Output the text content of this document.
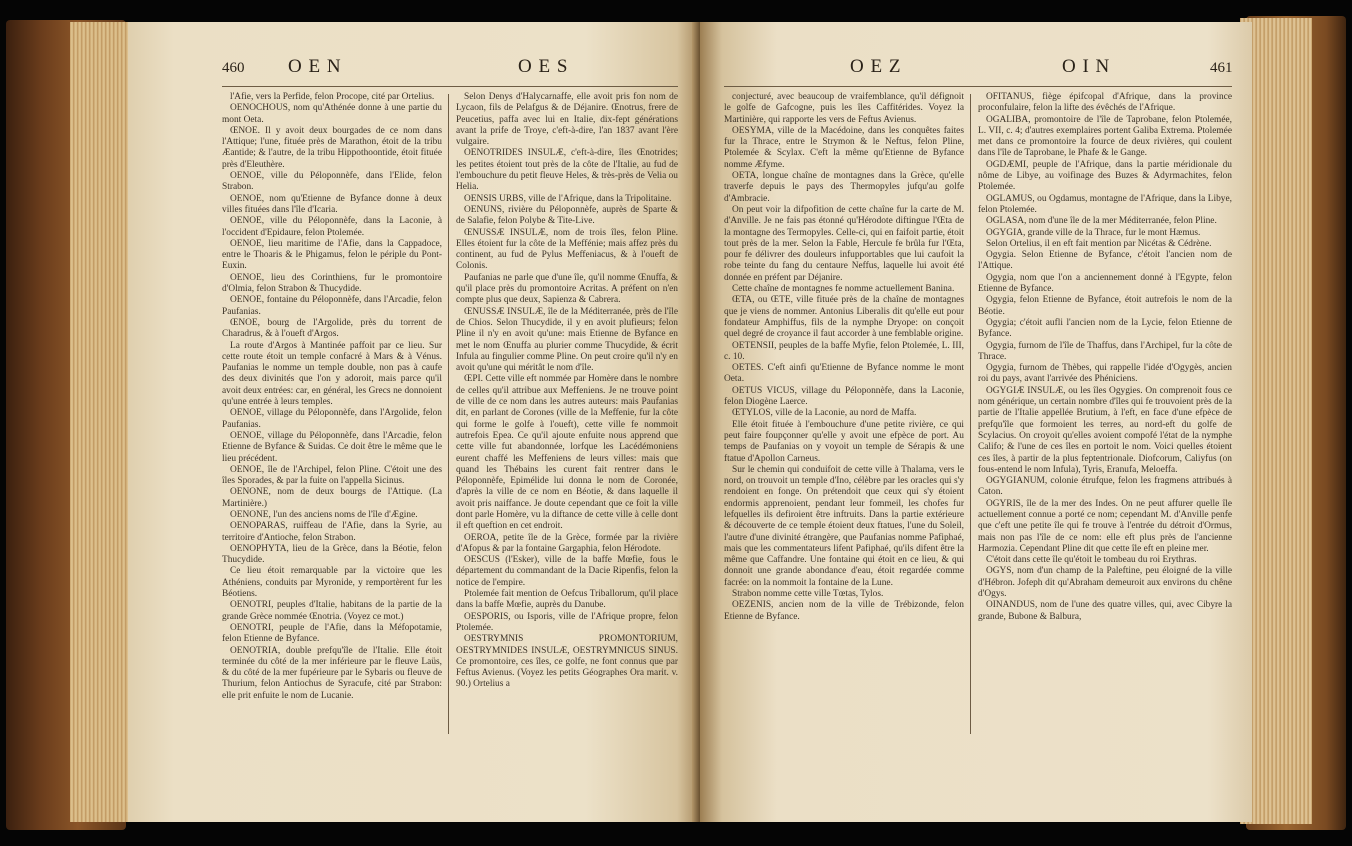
460 O E N	O E S

l'Afie, vers la Perfide, felon Procope, cité par Ortelius.

OENOCHOUS, nom qu'Athénée donne à une partie du mont Oeta.

ŒNOE. Il y avoit deux bourgades de ce nom dans l'Attique; l'une, fituée près de Marathon, étoit de la tribu Æantide; & l'autre, de la tribu Hippothoontide, étoit fituée près d'Eleuthère.

OENOE, ville du Péloponnèfe, dans l'Elide, felon Strabon.

OENOE, nom qu'Etienne de Byfance donne à deux villes fituées dans l'île d'Icaria.

OENOE, ville du Péloponnèfe, dans la Laconie, à l'occident d'Epidaure, felon Ptolemée.

OENOE, lieu maritime de l'Afie, dans la Cappadoce, entre le Thoaris & le Phigamus, felon le périple du Pont-Euxin.

OENOE, lieu des Corinthiens, fur le promontoire d'Olmia, felon Strabon & Thucydide.

OENOE, fontaine du Péloponnèfe, dans l'Arcadie, felon Paufanias.

ŒNOE, bourg de l'Argolide, près du torrent de Charadrus, & à l'oueft d'Argos.

La route d'Argos à Mantinée paffoit par ce lieu. Sur cette route étoit un temple confacré à Mars & à Vénus. Paufanias le nomme un temple double, non pas à caufe des deux divinités que l'on y adoroit, mais parce qu'il avoit deux entrées: car, en général, les Grecs ne donnoient qu'une entrée à leurs temples.

OENOE, village du Péloponnèfe, dans l'Argolide, felon Paufanias.

OENOE, village du Péloponnèfe, dans l'Arcadie, felon Etienne de Byfance & Suidas. Ce doit être le même que le lieu précédent.

OENOE, île de l'Archipel, felon Pline. C'étoit une des îles Sporades, & par la fuite on l'appella Sicinus.

OENONE, nom de deux bourgs de l'Attique. (La Martinière.)

OENONE, l'un des anciens noms de l'île d'Ægine.

OENOPARAS, ruiffeau de l'Afie, dans la Syrie, au territoire d'Antioche, felon Strabon.

OENOPHYTA, lieu de la Grèce, dans la Béotie, felon Thucydide.

Ce lieu étoit remarquable par la victoire que les Athéniens, conduits par Myronide, y remportèrent fur les Béotiens.

OENOTRI, peuples d'Italie, habitans de la partie de la grande Grèce nommée Œnotria. (Voyez ce mot.)

OENOTRI, peuple de l'Afie, dans la Méfopotamie, felon Etienne de Byfance.

OENOTRIA, double prefqu'île de l'Italie. Elle étoit terminée du côté de la mer inférieure par le fleuve Laüs, & du côté de la mer fupérieure par le Sybaris ou fleuve de Thurium, felon Antiochus de Syracufe, cité par Strabon: elle prit enfuite le nom de Lucanie.

Selon Denys d'Halycarnaffe, elle avoit pris fon nom de Lycaon, fils de Pelafgus & de Déjanire. Œnotrus, frere de Peucetius, paffa avec lui en Italie, dix-fept générations avant la prife de Troye, c'eft-à-dire, l'an 1837 avant l'ère vulgaire.

OENOTRIDES INSULÆ, c'eft-à-dire, îles Œnotrides; les petites étoient tout près de la côte de l'Italie, au fud de l'embouchure du petit fleuve Heles, & très-près de Velia ou Helia.

OENSIS URBS, ville de l'Afrique, dans la Tripolitaine.

OENUNS, rivière du Péloponnèfe, auprès de Sparte & de Salafie, felon Polybe & Tite-Live.

ŒNUSSÆ INSULÆ, nom de trois îles, felon Pline. Elles étoient fur la côte de la Meffénie; mais affez près du continent, au fud de Pylus Meffeniacus, & à l'oueft de Colonis.

Paufanias ne parle que d'une île, qu'il nomme Œnuffa, & qu'il place près du promontoire Acritas. A préfent on n'en compte plus que deux, Sapienza & Cabrera.

ŒNUSSÆ INSULÆ, île de la Méditerranée, près de l'île de Chios. Selon Thucydide, il y en avoit plufieurs; felon Pline il n'y en avoit qu'une: mais Etienne de Byfance en met le nom Œnuffa au plurier comme Thucydide, & écrit Infula au fingulier comme Pline. On peut croire qu'il n'y en avoit qu'une qui méritât le nom d'île.

ŒPI. Cette ville eft nommée par Homère dans le nombre de celles qu'il attribue aux Meffeniens. Je ne trouve point de ville de ce nom dans les autres auteurs: mais Paufanias dit, en parlant de Corones (ville de la Meffenie, fur la côte qui forme le golfe à l'oueft), cette ville fe nommoit autrefois Epea. Ce qu'il ajoute enfuite nous apprend que cette ville fut abandonnée, lorfque les Lacédémoniens eurent chaffé les Meffeniens de leurs villes: mais que quand les Thébains les curent fait rentrer dans le Péloponnèfe, Epimélide lui donna le nom de Coronée, d'après la ville de ce nom en Béotie, & dans laquelle il avoit pris naiffance. Je doute cependant que ce foit la ville dont parle Homère, vu la diftance de cette ville à celle dont il eft queftion en cet endroit.

OEROA, petite île de la Grèce, formée par la rivière d'Afopus & par la fontaine Gargaphia, felon Hérodote.

OESCUS (l'Esker), ville de la baffe Mœfie, fous le département du commandant de la Dacie Ripenfis, felon la notice de l'empire.

Ptolemée fait mention de Oefcus Triballorum, qu'il place dans la baffe Mœfie, auprès du Danube.

OESPORIS, ou Isporis, ville de l'Afrique propre, felon Ptolemée.

OESTRYMNIS PROMONTORIUM, OESTRYMNIDES INSULÆ, OESTRYMNICUS SINUS. Ce promontoire, ces îles, ce golfe, ne font connus que par Feftus Avienus. (Voyez les petits Géographes Ora marit. v. 90.) Ortelius a

O E Z	O I N	461

conjecturé, avec beaucoup de vraifemblance, qu'il défignoit le golfe de Gafcogne, puis les îles Caffitérides. Voyez la Martinière, qui rapporte les vers de Feftus Avienus.

OESYMA, ville de la Macédoine, dans les conquêtes faites fur la Thrace, entre le Strymon & le Neftus, felon Pline, Ptolemée & Scylax. C'eft la même qu'Etienne de Byfance nomme Æfyme.

OETA, longue chaîne de montagnes dans la Grèce, qu'elle traverfe depuis le pays des Thermopyles jufqu'au golfe d'Ambracie.

On peut voir la difpofition de cette chaîne fur la carte de M. d'Anville. Je ne fais pas étonné qu'Hérodote diftingue l'Œta de la montagne des Termopyles. Celle-ci, qui en faifoit partie, étoit tout près de la mer. Selon la Fable, Hercule fe brûla fur l'Œta, pour fe délivrer des douleurs infupportables que lui caufoit la robe teinte du fang du centaure Neffus, laquelle lui avoit été donnée en préfent par Déjanire.

Cette chaîne de montagnes fe nomme actuellement Banina.

ŒTA, ou ŒTE, ville fituée près de la chaîne de montagnes que je viens de nommer. Antonius Liberalis dit qu'elle eut pour fondateur Amphiffus, fils de la nymphe Dryope: on conçoit quel degré de croyance il faut accorder à une femblable origine.

OETENSII, peuples de la baffe Myfie, felon Ptolemée, L. III, c. 10.

OETES. C'eft ainfi qu'Etienne de Byfance nomme le mont Oeta.

OETUS VICUS, village du Péloponnèfe, dans la Laconie, felon Diogène Laerce.

ŒTYLOS, ville de la Laconie, au nord de Maffa.

Elle étoit fituée à l'embouchure d'une petite rivière, ce qui peut faire foupçonner qu'elle y avoit une efpèce de port. Au temps de Paufanias on y voyoit un temple de Sérapis & une ftatue d'Apollon Carneus.

Sur le chemin qui conduifoit de cette ville à Thalama, vers le nord, on trouvoit un temple d'Ino, célèbre par les oracles qui s'y rendoient en fonge. On prétendoit que ceux qui s'y étoient endormis apprenoient, pendant leur fommeil, les chofes fur lefquelles ils defiroient être inftruits. Dans la partie extérieure & découverte de ce temple étoient deux ftatues, l'une du Soleil, l'autre d'une divinité étrangère, que Paufanias nomme Pafiphaé, mais que les commentateurs lifent Pafiphaé, qu'ils difent être la même que Caffandre. Une fontaine qui étoit en ce lieu, & qui donnoit une grande abondance d'eau, étoit regardée comme facrée: on la nommoit la fontaine de la Lune.

Strabon nomme cette ville Tœtas, Tylos.

OEZENIS, ancien nom de la ville de Trébizonde, felon Etienne de Byfance.

OFITANUS, fiège épifcopal d'Afrique, dans la province proconfulaire, felon la lifte des évêchés de l'Afrique.

OGALIBA, promontoire de l'île de Taprobane, felon Ptolemée, L. VII, c. 4; d'autres exemplaires portent Galiba Extrema. Ptolemée met dans ce promontoire la fource de deux rivières, qui coulent dans l'île de Taprobane, le Phafe & le Gange.

OGDÆMI, peuple de l'Afrique, dans la partie méridionale du nôme de Libye, au voifinage des Buzes & Adyrmachites, felon Ptolemée.

OGLAMUS, ou Ogdamus, montagne de l'Afrique, dans la Libye, felon Ptolemée.

OGLASA, nom d'une île de la mer Méditerranée, felon Pline.

OGYGIA, grande ville de la Thrace, fur le mont Hæmus.

Selon Ortelius, il en eft fait mention par Nicétas & Cédrène.

Ogygia. Selon Etienne de Byfance, c'étoit l'ancien nom de l'Attique.

Ogygia, nom que l'on a anciennement donné à l'Egypte, felon Etienne de Byfance.

Ogygia, felon Etienne de Byfance, étoit autrefois le nom de la Béotie.

Ogygia; c'étoit aufli l'ancien nom de la Lycie, felon Etienne de Byfance.

Ogygia, furnom de l'île de Thaffus, dans l'Archipel, fur la côte de Thrace.

Ogygia, furnom de Thèbes, qui rappelle l'idée d'Ogygès, ancien roi du pays, avant l'arrivée des Phéniciens.

OGYGIÆ INSULÆ, ou les îles Ogygies. On comprenoit fous ce nom générique, un certain nombre d'îles qui fe trouvoient près de la partie de l'Italie appellée Brutium, à l'eft, en face d'une efpèce de prefqu'île que formoient les terres, au nord-eft du golfe de Scylacius. On croyoit qu'elles avoient compofé l'état de la nymphe Califo; & l'une de ces îles en portoit le nom. Voici quelles étoient ces îles, à partir de la plus feptentrionale. Diofcorum, Caliyfus (on fous-entend le nom Infula), Tyris, Eranufa, Meloeffa.

OGYGIANUM, colonie étrufque, felon les fragmens attribués à Caton.

OGYRIS, île de la mer des Indes. On ne peut affurer quelle île actuellement connue a porté ce nom; cependant M. d'Anville penfe que c'eft une petite île qui fe trouve à l'entrée du détroit d'Ormus, mais non pas l'île de ce nom: elle eft plus près de l'ancienne Harmozia. Cependant Pline dit que cette île eft en pleine mer.

C'étoit dans cette île qu'étoit le tombeau du roi Erythras.

OGYS, nom d'un champ de la Paleftine, peu éloigné de la ville d'Hébron. Jofeph dit qu'Abraham demeuroit aux environs du chêne d'Ogys.

OINANDUS, nom de l'une des quatre villes, qui, avec Cibyre la grande, Bubone & Balbura,
